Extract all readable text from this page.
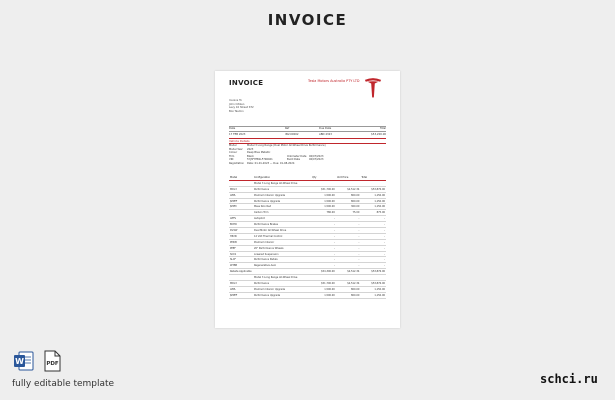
INVOICE
INVOICE	Tesla Motors Australia PTY LTD
Invoice To
John Citizen
Levy 10 Street ST2
Box Tasmin
Date	Ref	Due Date	Total
17 FEB 2023	INV-00002	ABN 4323	$53,200.00
Vehicle Details
Model	Model 3 Long Range (Dual Motor All-Wheel Drive Performance)
Model Year 2023
Colour	Deep Blue Metallic
Trim	Black	Odometer Date 00/07/2023
VIN	5YJ3F7EB1LF706021	Build Date	00/07/2023
Registration Date: 01-01-2023 — Due: 01-08-2024
Model	Configuration	Qty	Unit Price	Total
	Model 3 Long Range All-Wheel Drive			
MDL3	Performance	$51,700.00	$2,512.34	$53,876.00
APPL	Premium Interior Upgrade	1,500.00	800.00	1,150.00
$PPEF	Performance Upgrade	1,500.00	800.00	1,150.00
$PPM	Mass Skin Red	1,500.00	360.00	1,150.00
	Carbon Trim	780.00	75.00	875.00
APFS	Autopilot	-	-	-
BCHR	Performance Brakes	-	-	-
DV4W	Dual Motor All-Wheel Drive	-	-	-
HP2N	12 Volt Thermal Control	-	-	-
PMCB	Premium Interior	-	-	-
PPEF	20" Performance Wheels	-	-	-
SC01	Lowered Suspension	-	-	-
SLCF	Performance Pedals	-	-	-
W38B	Regenerative Aero	-	-	-
Rebate Applicable		$54,300.00	$2,512.34	$53,876.00
	Model 3 Long Range All-Wheel Drive			
MDL3	Performance	$51,700.00	$2,512.34	$53,876.00
APPL	Premium Interior Upgrade	1,500.00	800.00	1,150.00
$PPEF	Performance Upgrade	1,500.00	800.00	1,150.00
W	PDF
fully editable template	schci.ru
